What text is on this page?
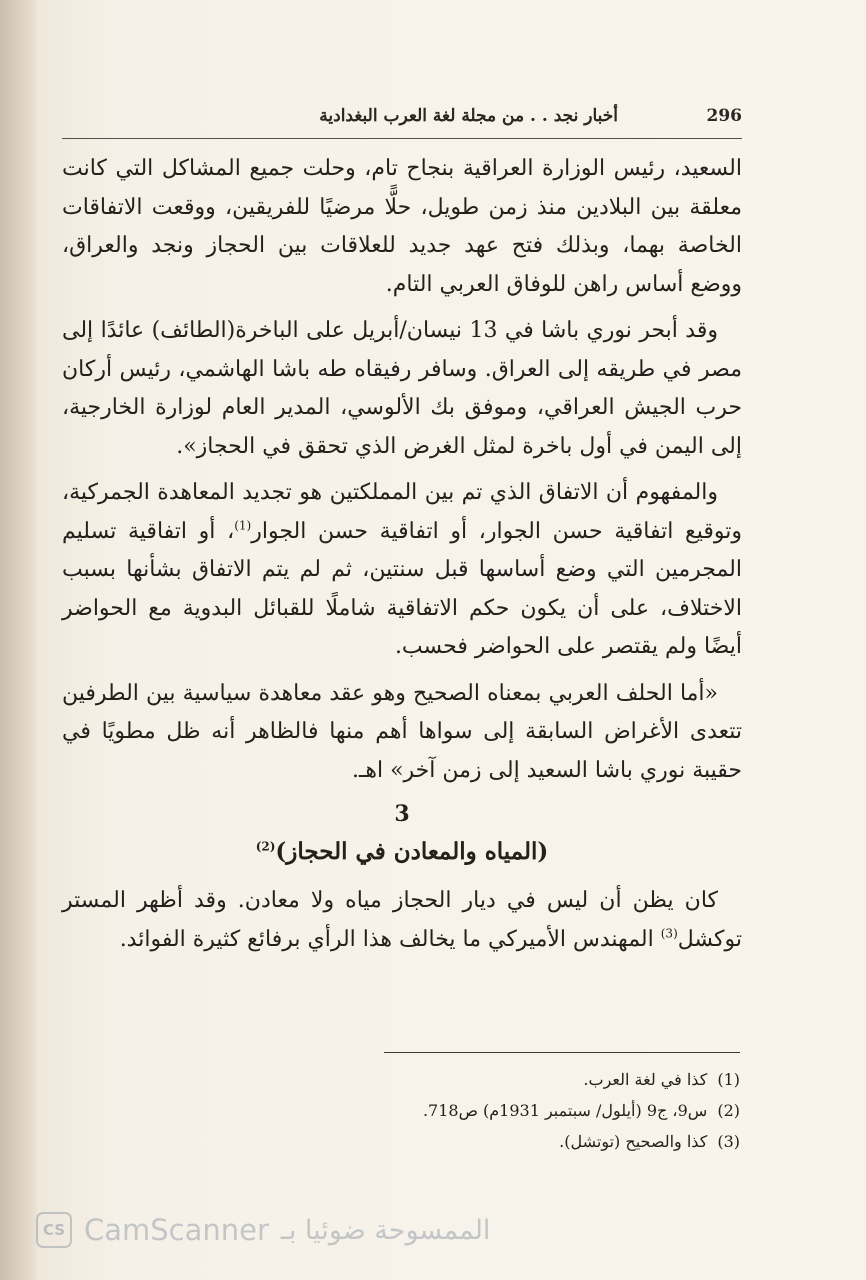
296
أخبار نجد . . من مجلة لغة العرب البغدادية

السعيد، رئيس الوزارة العراقية بنجاح تام، وحلت جميع المشاكل التي كانت معلقة بين البلادين منذ زمن طويل، حلًّا مرضيًا للفريقين، ووقعت الاتفاقات الخاصة بهما، وبذلك فتح عهد جديد للعلاقات بين الحجاز ونجد والعراق، ووضع أساس راهن للوفاق العربي التام.

وقد أبحر نوري باشا في 13 نيسان/أبريل على الباخرة(الطائف) عائدًا إلى مصر في طريقه إلى العراق. وسافر رفيقاه طه باشا الهاشمي، رئيس أركان حرب الجيش العراقي، وموفق بك الألوسي، المدير العام لوزارة الخارجية، إلى اليمن في أول باخرة لمثل الغرض الذي تحقق في الحجاز».

والمفهوم أن الاتفاق الذي تم بين المملكتين هو تجديد المعاهدة الجمركية، وتوقيع اتفاقية حسن الجوار، أو اتفاقية حسن الجوار$^{(1)}$، أو اتفاقية تسليم المجرمين التي وضع أساسها قبل سنتين، ثم لم يتم الاتفاق بشأنها بسبب الاختلاف، على أن يكون حكم الاتفاقية شاملًا للقبائل البدوية مع الحواضر أيضًا ولم يقتصر على الحواضر فحسب.

«أما الحلف العربي بمعناه الصحيح وهو عقد معاهدة سياسية بين الطرفين تتعدى الأغراض السابقة إلى سواها أهم منها فالظاهر أنه ظل مطويًا في حقيبة نوري باشا السعيد إلى زمن آخر» اهـ.

3
(المياه والمعادن في الحجاز)$^{(2)}$

كان يظن أن ليس في ديار الحجاز مياه ولا معادن. وقد أظهر المستر توكشل$^{(3)}$ المهندس الأميركي ما يخالف هذا الرأي برفائع كثيرة الفوائد.

(1)كذا في لغة العرب.
(2)س9، ج9 (أيلول/ سبتمبر 1931م) ص718.
(3)كذا والصحيح (توتشل).
CS CamScanner الممسوحة ضوئيا بـ
